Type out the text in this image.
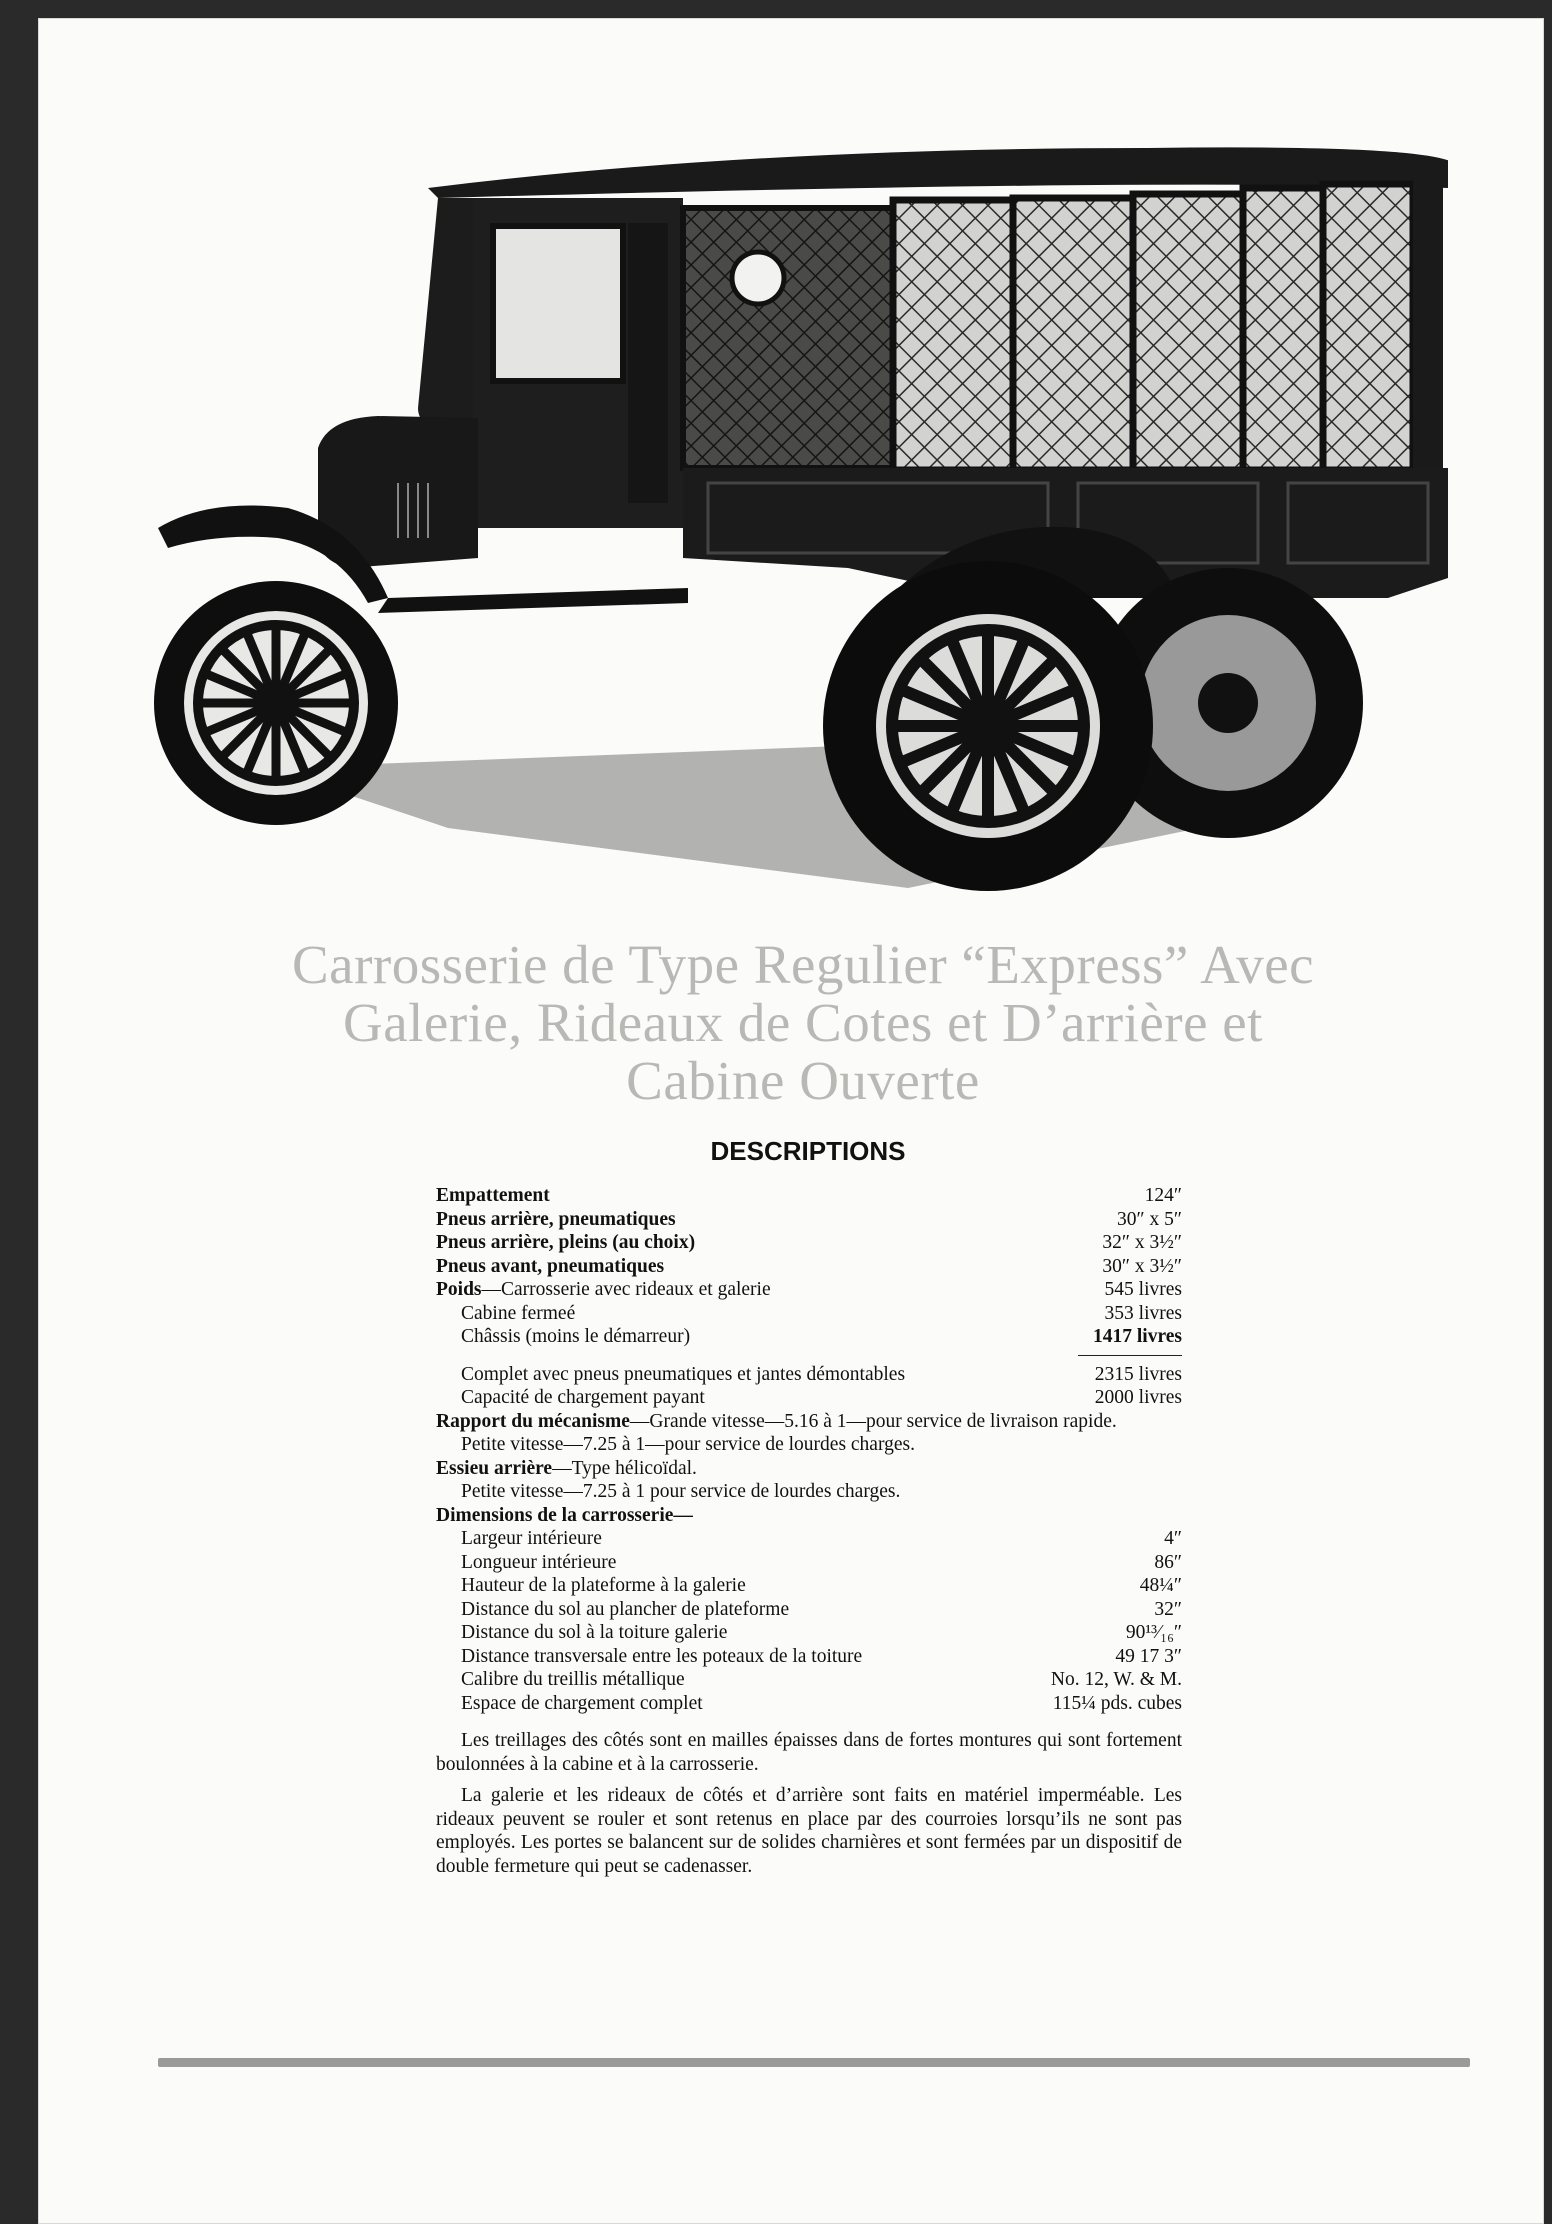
Carrosserie de Type Regulier “Express” Avec
Galerie, Rideaux de Cotes et D’arrière et
Cabine Ouverte
DESCRIPTIONS
Empattement	124″
Pneus arrière, pneumatiques	30″ x 5″
Pneus arrière, pleins (au choix)	32″ x 3½″
Pneus avant, pneumatiques	30″ x 3½″
Poids—Carrosserie avec rideaux et galerie	545 livres
Cabine fermeé	353 livres
Châssis (moins le démarreur)	1417 livres
Complet avec pneus pneumatiques et jantes démontables	2315 livres
Capacité de chargement payant	2000 livres
Rapport du mécanisme—Grande vitesse—5.16 à 1—pour service de livraison rapide.
Petite vitesse—7.25 à 1—pour service de lourdes charges.
Essieu arrière—Type hélicoïdal.
Petite vitesse—7.25 à 1 pour service de lourdes charges.
Dimensions de la carrosserie—
Largeur intérieure	4″
Longueur intérieure	86″
Hauteur de la plateforme à la galerie	48¼″
Distance du sol au plancher de plateforme	32″
Distance du sol à la toiture galerie	90¹³⁄₁₆″
Distance transversale entre les poteaux de la toiture	49 17 3″
Calibre du treillis métallique	No. 12, W. & M.
Espace de chargement complet	115¼ pds. cubes
Les treillages des côtés sont en mailles épaisses dans de fortes montures qui sont fortement boulonnées à la cabine et à la carrosserie.
La galerie et les rideaux de côtés et d’arrière sont faits en matériel imperméable. Les rideaux peuvent se rouler et sont retenus en place par des courroies lorsqu’ils ne sont pas employés. Les portes se balancent sur de solides charnières et sont fermées par un dispositif de double fermeture qui peut se cadenasser.
